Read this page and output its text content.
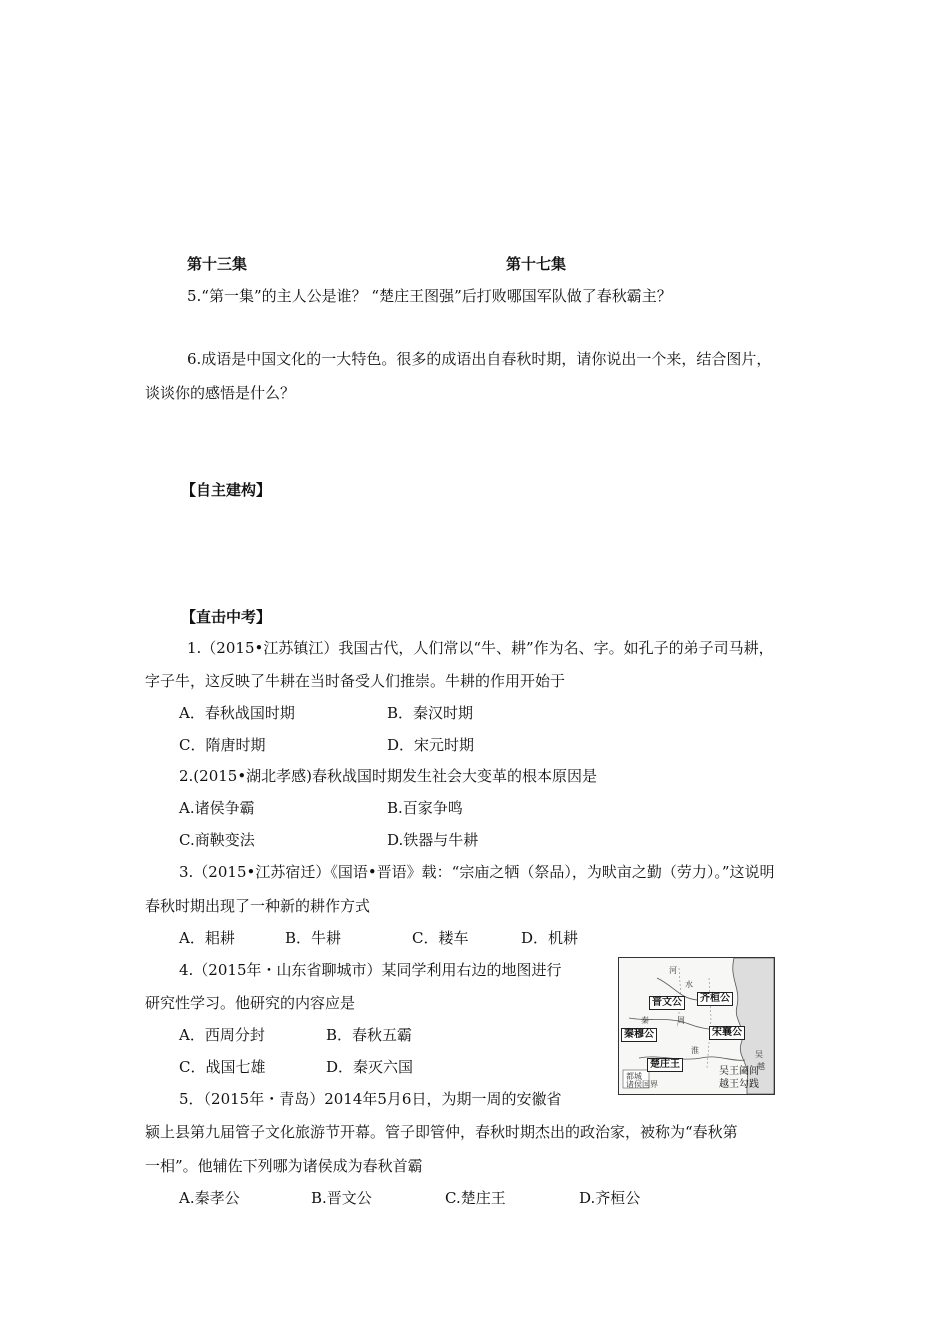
第十三集	第十七集
5.“第一集”的主人公是谁？ “楚庄王图强”后打败哪国军队做了春秋霸主？
6.成语是中国文化的一大特色。很多的成语出自春秋时期，请你说出一个来，结合图片，
谈谈你的感悟是什么？
【自主建构】
【直击中考】
1.（2015•江苏镇江）我国古代，人们常以“牛、耕”作为名、字。如孔子的弟子司马耕，
字子牛，这反映了牛耕在当时备受人们推崇。牛耕的作用开始于
A．春秋战国时期	B．秦汉时期
C．隋唐时期	D．宋元时期
2.(2015•湖北孝感)春秋战国时期发生社会大变革的根本原因是
A.诸侯争霸	B.百家争鸣
C.商鞅变法	D.铁器与牛耕
3.（2015•江苏宿迁）《国语•晋语》载：“宗庙之牺（祭品），为畎亩之勤（劳力）。”这说明
春秋时期出现了一种新的耕作方式
A．耜耕	B．牛耕	C．耧车	D．机耕
4.（2015年・山东省聊城市）某同学利用右边的地图进行
研究性学习。他研究的内容应是
A．西周分封	B．春秋五霸
C．战国七雄	D．秦灭六国
晋文公	齐桓公
秦穆公	宋襄公
楚庄王
吴王阖闾
越王勾践
河
水
秦	周
淮	吴
越
都城
诸侯国界
5．（2015年・青岛）2014年5月6日，为期一周的安徽省
颍上县第九届管子文化旅游节开幕。管子即管仲，春秋时期杰出的政治家，被称为“春秋第
一相”。他辅佐下列哪为诸侯成为春秋首霸
A.秦孝公	B.晋文公	C.楚庄王	D.齐桓公
